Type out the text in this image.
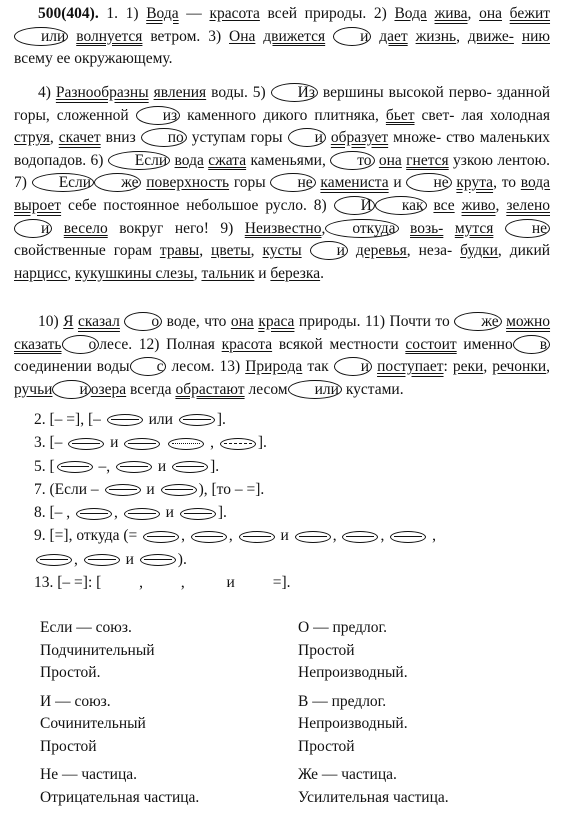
500(404). 1. 1) Вода — красота всей природы. 2) Вода жива, она бежит или волнуется ветром. 3) Она движется и дает жизнь, движе- нию всему ее окружающему.

4) Разнообразны явления воды. 5) Из вершины высокой перво- зданной горы, сложенной из каменного дикого плитняка, бьет свет- лая холодная струя, скачет вниз по уступам горы и образует множе- ство маленьких водопадов. 6) Если вода сжата каменьями, то она гнется узкою лентою. 7) Если же поверхность горы не камениста и не крута, то вода выроет себе постоянное небольшое русло. 8) И как все живо, зелено и весело вокруг него! 9) Неизвестно, откуда возь- мутся не свойственные горам травы, цветы, кусты и деревья, неза- будки, дикий нарцисс, кукушкины слезы, тальник и березка.

10) Я сказал о воде, что она краса природы. 11) Почти то же можно сказать о лесе. 12) Полная красота всякой местности состоит именно в соединении воды с лесом. 13) Природа так и поступает: реки, речонки, ручьи и озера всегда обрастают лесом или кустами.

2. [– =], [–	или	].
3. [–	и	,	].
5. [	–,	и	].
7. (Если –	и	), [то – =].
8. [– ,	,	и	].
9. [=], откуда (=	,	,	и	,	,	,
,	и	).
13. [– =]: [ , ,  и =].
Если — союз.
Подчинительный
Простой.
И — союз.
Сочинительный
Простой
Не — частица.
Отрицательная частица.
О — предлог.
Простой
Непроизводный.
В — предлог.
Непроизводный.
Простой
Же — частица.
Усилительная частица.
